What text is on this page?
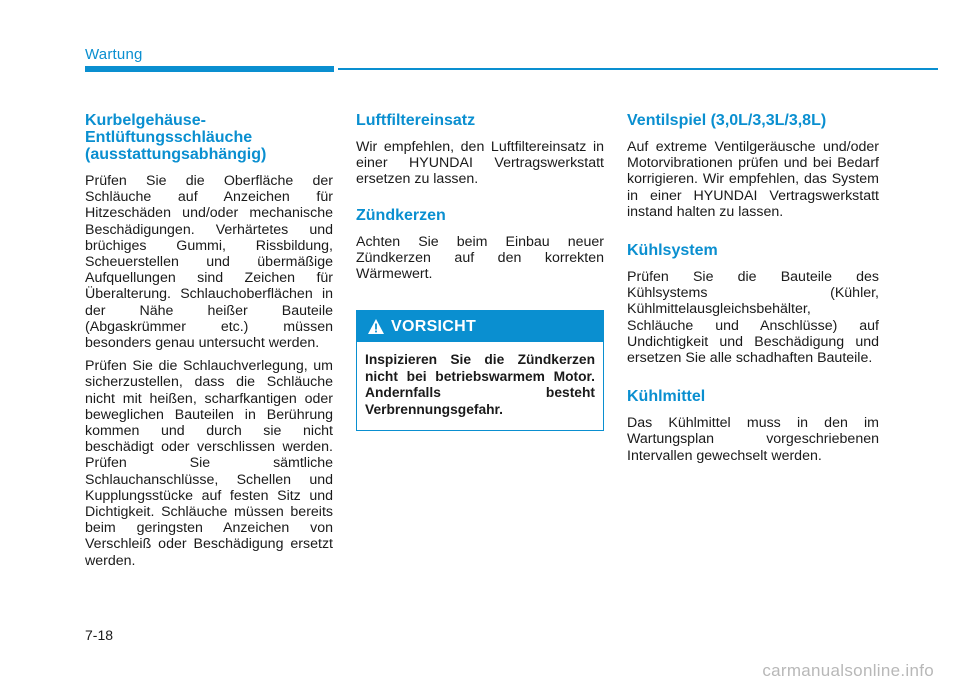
Wartung
Kurbelgehäuse-Entlüftungsschläuche (ausstattungsabhängig)

Prüfen Sie die Oberfläche der Schläuche auf Anzeichen für Hitzeschäden und/oder mechanische Beschädigungen. Verhärtetes und brüchiges Gummi, Rissbildung, Scheuerstellen und übermäßige Aufquellungen sind Zeichen für Überalterung. Schlauchoberflächen in der Nähe heißer Bauteile (Abgaskrümmer etc.) müssen besonders genau untersucht werden.

Prüfen Sie die Schlauchverlegung, um sicherzustellen, dass die Schläuche nicht mit heißen, scharfkantigen oder beweglichen Bauteilen in Berührung kommen und durch sie nicht beschädigt oder verschlissen werden. Prüfen Sie sämtliche Schlauchanschlüsse, Schellen und Kupplungsstücke auf festen Sitz und Dichtigkeit. Schläuche müssen bereits beim geringsten Anzeichen von Verschleiß oder Beschädigung ersetzt werden.

Luftfiltereinsatz

Wir empfehlen, den Luftfiltereinsatz in einer HYUNDAI Vertragswerkstatt ersetzen zu lassen.

Zündkerzen

Achten Sie beim Einbau neuer Zündkerzen auf den korrekten Wärmewert.

VORSICHT
Inspizieren Sie die Zündkerzen nicht bei betriebswarmem Motor. Andernfalls besteht Verbrennungsgefahr.
Ventilspiel (3,0L/3,3L/3,8L)

Auf extreme Ventilgeräusche und/oder Motorvibrationen prüfen und bei Bedarf korrigieren. Wir empfehlen, das System in einer HYUNDAI Vertragswerkstatt instand halten zu lassen.

Kühlsystem

Prüfen Sie die Bauteile des Kühlsystems (Kühler, Kühlmittelausgleichsbehälter, Schläuche und Anschlüsse) auf Undichtigkeit und Beschädigung und ersetzen Sie alle schadhaften Bauteile.

Kühlmittel

Das Kühlmittel muss in den im Wartungsplan vorgeschriebenen Intervallen gewechselt werden.

7-18
carmanualsonline.info
